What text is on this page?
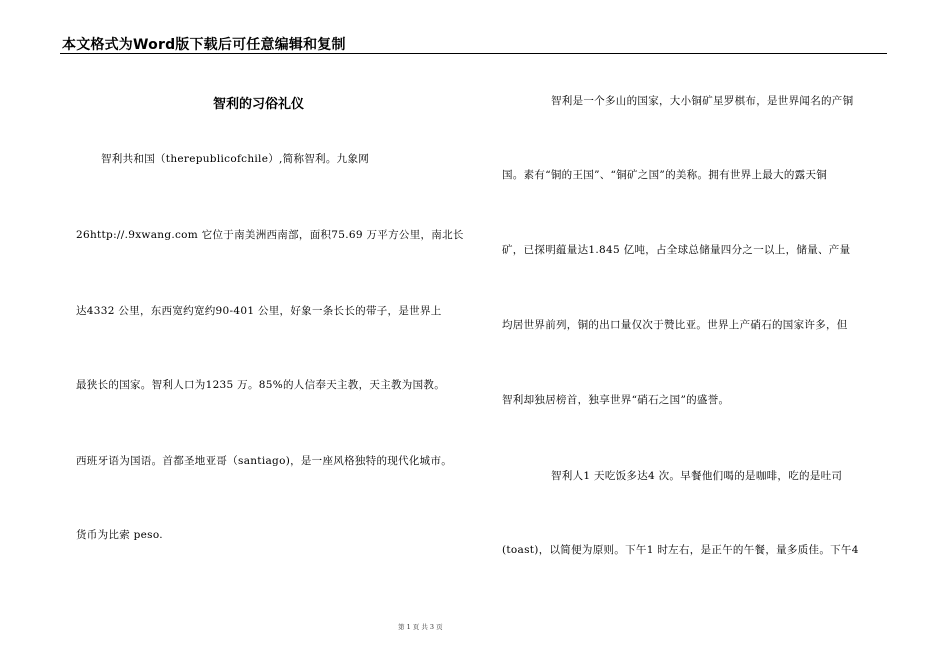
本文格式为Word版下载后可任意编辑和复制
智利的习俗礼仪
智利共和国（therepublicofchile）,简称智利。九象网
26http://.9xwang.com 它位于南美洲西南部，面积75.69 万平方公里，南北长
达4332 公里，东西宽约宽约90-401 公里，好象一条长长的带子，是世界上
最狭长的国家。智利人口为1235 万。85%的人信奉天主教，天主教为国教。
西班牙语为国语。首都圣地亚哥（santiago)，是一座风格独特的现代化城市。
货币为比索 peso.
智利是一个多山的国家，大小铜矿星罗棋布，是世界闻名的产铜
国。素有“铜的王国”、“铜矿之国”的美称。拥有世界上最大的露天铜
矿，已探明蕴量达1.845 亿吨，占全球总储量四分之一以上，储量、产量
均居世界前列，铜的出口量仅次于赞比亚。世界上产硝石的国家许多，但
智利却独居榜首，独享世界“硝石之国”的盛誉。
智利人1 天吃饭多达4 次。早餐他们喝的是咖啡，吃的是吐司
(toast)，以简便为原则。下午1 时左右，是正午的午餐，量多质佳。下午4
第 1 页 共 3 页
